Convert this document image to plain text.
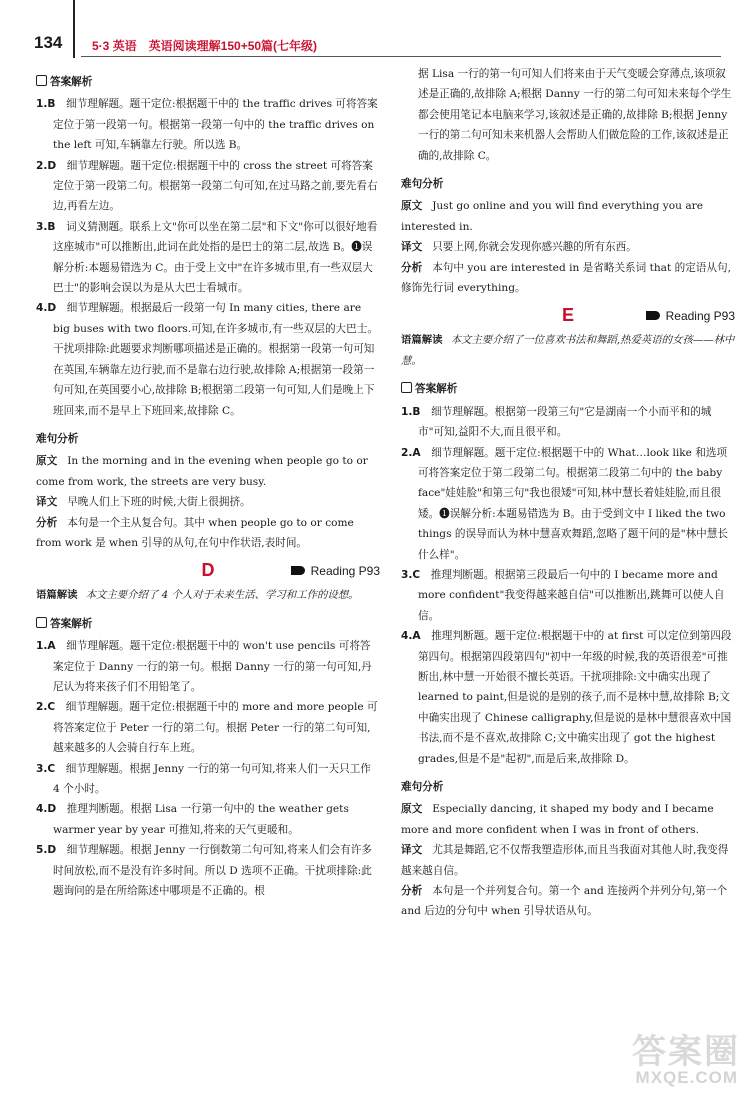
134 5·3 英语　英语阅读理解150+50篇(七年级)
答案解析

1.B　 细节理解题。题干定位:根据题干中的 the traffic drives 可将答案定位于第一段第一句。根据第一段第一句中的 the traffic drives on the left 可知,车辆靠左行驶。所以选 B。

2.D　 细节理解题。题干定位:根据题干中的 cross the street 可将答案定位于第一段第二句。根据第一段第二句可知,在过马路之前,要先看右边,再看左边。

3.B　 词义猜测题。联系上文"你可以坐在第二层"和下文"你可以很好地看这座城市"可以推断出,此词在此处指的是巴士的第二层,故选 B。❶误解分析:本题易错选为 C。由于受上文中"在许多城市里,有一些双层大巴士"的影响会误以为是从大巴士看城市。

4.D　 细节理解题。根据最后一段第一句 In many cities, there are big buses with two floors.可知,在许多城市,有一些双层的大巴士。干扰项排除:此题要求判断哪项描述是正确的。根据第一段第一句可知在英国,车辆靠左边行驶,而不是靠右边行驶,故排除 A;根据第一段第一句可知,在英国要小心,故排除 B;根据第二段第一句可知,人们是晚上下班回来,而不是早上下班回来,故排除 C。

难句分析

原文 In the morning and in the evening when people go to or come from work, the streets are very busy.

译文 早晚人们上下班的时候,大街上很拥挤。

分析 本句是一个主从复合句。其中 when people go to or come from work 是 when 引导的从句,在句中作状语,表时间。

D	Reading P93

语篇解读 本文主要介绍了 4 个人对于未来生活、学习和工作的设想。

答案解析

1.A　 细节理解题。题干定位:根据题干中的 won't use pencils 可将答案定位于 Danny 一行的第一句。根据 Danny 一行的第一句可知,丹尼认为将来孩子们不用铅笔了。

2.C　 细节理解题。题干定位:根据题干中的 more and more people 可将答案定位于 Peter 一行的第二句。根据 Peter 一行的第二句可知,越来越多的人会骑自行车上班。

3.C　 细节理解题。根据 Jenny 一行的第一句可知,将来人们一天只工作 4 个小时。

4.D　 推理判断题。根据 Lisa 一行第一句中的 the weather gets warmer year by year 可推知,将来的天气更暖和。

5.D　 细节理解题。根据 Jenny 一行倒数第二句可知,将来人们会有许多时间放松,而不是没有许多时间。所以 D 选项不正确。干扰项排除:此题询问的是在所给陈述中哪项是不正确的。根

据 Lisa 一行的第一句可知人们将来由于天气变暖会穿薄点,该项叙述是正确的,故排除 A;根据 Danny 一行的第二句可知未来每个学生都会使用笔记本电脑来学习,该叙述是正确的,故排除 B;根据 Jenny 一行的第二句可知未来机器人会帮助人们做危险的工作,该叙述是正确的,故排除 C。

难句分析

原文 Just go online and you will find everything you are interested in.

译文 只要上网,你就会发现你感兴趣的所有东西。

分析 本句中 you are interested in 是省略关系词 that 的定语从句,修饰先行词 everything。

E	Reading P93

语篇解读 本文主要介绍了一位喜欢书法和舞蹈,热爱英语的女孩——林中慧。

答案解析

1.B　 细节理解题。根据第一段第三句"它是湖南一个小而平和的城市"可知,益阳不大,而且很平和。

2.A　 细节理解题。题干定位:根据题干中的 What…look like 和选项可将答案定位于第二段第二句。根据第二段第二句中的 the baby face"娃娃脸"和第三句"我也很矮"可知,林中慧长着娃娃脸,而且很矮。❶误解分析:本题易错选为 B。由于受到文中 I liked the two things 的误导而认为林中慧喜欢舞蹈,忽略了题干问的是"林中慧长什么样"。

3.C　 推理判断题。根据第三段最后一句中的 I became more and more confident"我变得越来越自信"可以推断出,跳舞可以使人自信。

4.A　 推理判断题。题干定位:根据题干中的 at first 可以定位到第四段第四句。根据第四段第四句"初中一年级的时候,我的英语很差"可推断出,林中慧一开始很不擅长英语。干扰项排除:文中确实出现了 learned to paint,但是说的是别的孩子,而不是林中慧,故排除 B;文中确实出现了 Chinese calligraphy,但是说的是林中慧很喜欢中国书法,而不是不喜欢,故排除 C;文中确实出现了 got the highest grades,但是不是"起初",而是后来,故排除 D。

难句分析

原文 Especially dancing, it shaped my body and I became more and more confident when I was in front of others.

译文 尤其是舞蹈,它不仅帮我塑造形体,而且当我面对其他人时,我变得越来越自信。

分析 本句是一个并列复合句。第一个 and 连接两个并列分句,第一个 and 后边的分句中 when 引导状语从句。

答案圈
MXQE.COM
